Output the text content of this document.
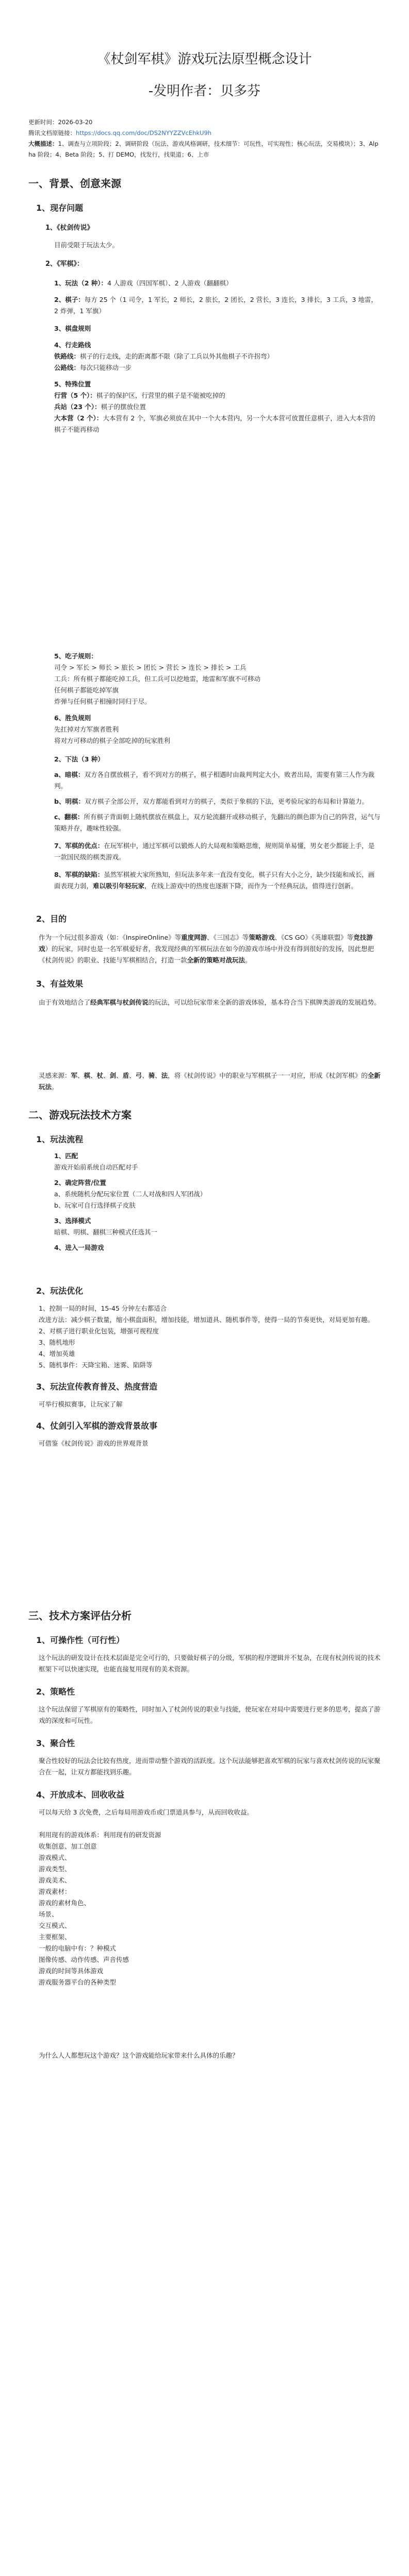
《杖剑军棋》游戏玩法原型概念设计
-发明作者：贝多芬

更新时间：2026-03-20

腾讯文档原链接：https://docs.qq.com/doc/DS2NYYZZVcEhkU9h

大概描述：1、调查与立项阶段；2、调研阶段（玩法、游戏风格调研，技术细节：可玩性，可实现性；核心玩法，交易模块）；3、Alpha 阶段；4、Beta 阶段；5、打 DEMO，找发行，找渠道；6、上市

一、背景、创意来源
1、现存问题

1、《杖剑传说》

目前受限于玩法太少。

2、《军棋》：

1、玩法（2 种）：4 人游戏（四国军棋）、2 人游戏（翻翻棋）

2、棋子：每方 25 个（1 司令，1 军长，2 师长，2 旅长，2 团长，2 营长，3 连长，3 排长，3 工兵，3 地雷，2 炸弹，1 军旗）

3、棋盘规则

4、行走路线

铁路线：棋子的行走线，走的距离都不限（除了工兵以外其他棋子不许拐弯）

公路线：每次只能移动一步

5、特殊位置

行营（5 个）：棋子的保护区，行营里的棋子是不能被吃掉的

兵站（23 个）：棋子的摆放位置

大本营（2 个）：大本营有 2 个，军旗必须放在其中一个大本营内，另一个大本营可放置任意棋子，进入大本营的棋子不能再移动

5、吃子规则：

司令 > 军长 > 师长 > 旅长 > 团长 > 营长 > 连长 > 排长 > 工兵

工兵：所有棋子都能吃掉工兵，但工兵可以挖地雷，地雷和军旗不可移动

任何棋子都能吃掉军旗

炸弹与任何棋子相撞时同归于尽。

6、胜负规则

先扛掉对方军旗者胜利

将对方可移动的棋子全部吃掉的玩家胜利

2、下法（3 种）

a、暗棋：双方各自摆放棋子，看不到对方的棋子，棋子相遇时由裁判判定大小，败者出局，需要有第三人作为裁判。

b、明棋：双方棋子全部公开，双方都能看到对方的棋子，类似于象棋的下法，更考验玩家的布局和计算能力。

c、翻棋：所有棋子背面朝上随机摆放在棋盘上，双方轮流翻开或移动棋子，先翻出的颜色即为自己的阵营，运气与策略并存，趣味性较强。

7、军棋的优点：在玩军棋中，通过军棋可以锻炼人的大局观和策略思维，规则简单易懂，男女老少都能上手，是一款国民级的棋类游戏。

8、军棋的缺陷：虽然军棋被大家所熟知，但玩法多年来一直没有变化，棋子只有大小之分，缺少技能和成长，画面表现力弱，难以吸引年轻玩家，在线上游戏中的热度也逐渐下降，而作为一个经典玩法，值得进行创新。

2、目的

作为一个玩过很多游戏（如：《InspireOnline》等重度网游、《三国志》等策略游戏、《CS GO》《英雄联盟》等竞技游戏）的玩家，同时也是一名军棋爱好者，我发现经典的军棋玩法在如今的游戏市场中并没有得到很好的发扬，因此想把《杖剑传说》的职业、技能与军棋相结合，打造一款全新的策略对战玩法。

3、有益效果

由于有效地结合了经典军棋与杖剑传说的玩法，可以给玩家带来全新的游戏体验，基本符合当下棋牌类游戏的发展趋势。

灵感来源：军、棋、杖、剑、盾、弓、骑、法，将《杖剑传说》中的职业与军棋棋子一一对应，形成《杖剑军棋》的全新玩法。

二、游戏玩法技术方案
1、玩法流程

1、匹配

游戏开始前系统自动匹配对手

2、确定阵营/位置

a、系统随机分配玩家位置（二人对战和四人军团战）

b、玩家可自行选择棋子皮肤

3、选择模式

暗棋、明棋、翻棋三种模式任选其一

4、进入一局游戏

2、玩法优化

1、控制一局的时间，15-45 分钟左右都适合

改进方法：减少棋子数量，缩小棋盘面积，增加技能，增加道具、随机事件等，使得一局的节奏更快，对局更加有趣。

2、对棋子进行职业化包装，增强可视程度

3、随机地形

4、增加英雄

5、随机事件：天降宝箱、迷雾、陷阱等

3、玩法宣传教育普及、热度营造

可举行模拟赛事，让玩家了解

4、仗剑引入军棋的游戏背景故事

可借鉴《杖剑传说》游戏的世界观背景

三、技术方案评估分析
1、可操作性（可行性）

这个玩法的研发设计在技术层面是完全可行的，只要做好棋子的分级，军棋的程序逻辑并不复杂，在现有杖剑传说的技术框架下可以快速实现，也能直接复用现有的美术资源。

2、策略性

这个玩法保留了军棋原有的策略性，同时加入了杖剑传说的职业与技能，使玩家在对局中需要进行更多的思考，提高了游戏的深度和可玩性。

3、聚合性

聚合性较好的玩法会比较有热度，进而带动整个游戏的活跃度。这个玩法能够把喜欢军棋的玩家与喜欢杖剑传说的玩家聚合在一起，让双方都能找到乐趣。

4、开放成本、回收收益

可以每天给 3 次免费，之后每局用游戏币或门票道具参与，从而回收收益。

利用现有的游戏体系：利用现有的研发资源

收集创意、加工创意

游戏模式、

游戏类型、

游戏美术、

游戏素材：

游戏的素材角色、

场景、

交互模式、

主要框架、

一般的电脑中有：？种模式

图像传感、动作传感、声音传感

游戏的时间等具体游戏

游戏服务器平台的各种类型

为什么人人都想玩这个游戏？这个游戏能给玩家带来什么具体的乐趣？
